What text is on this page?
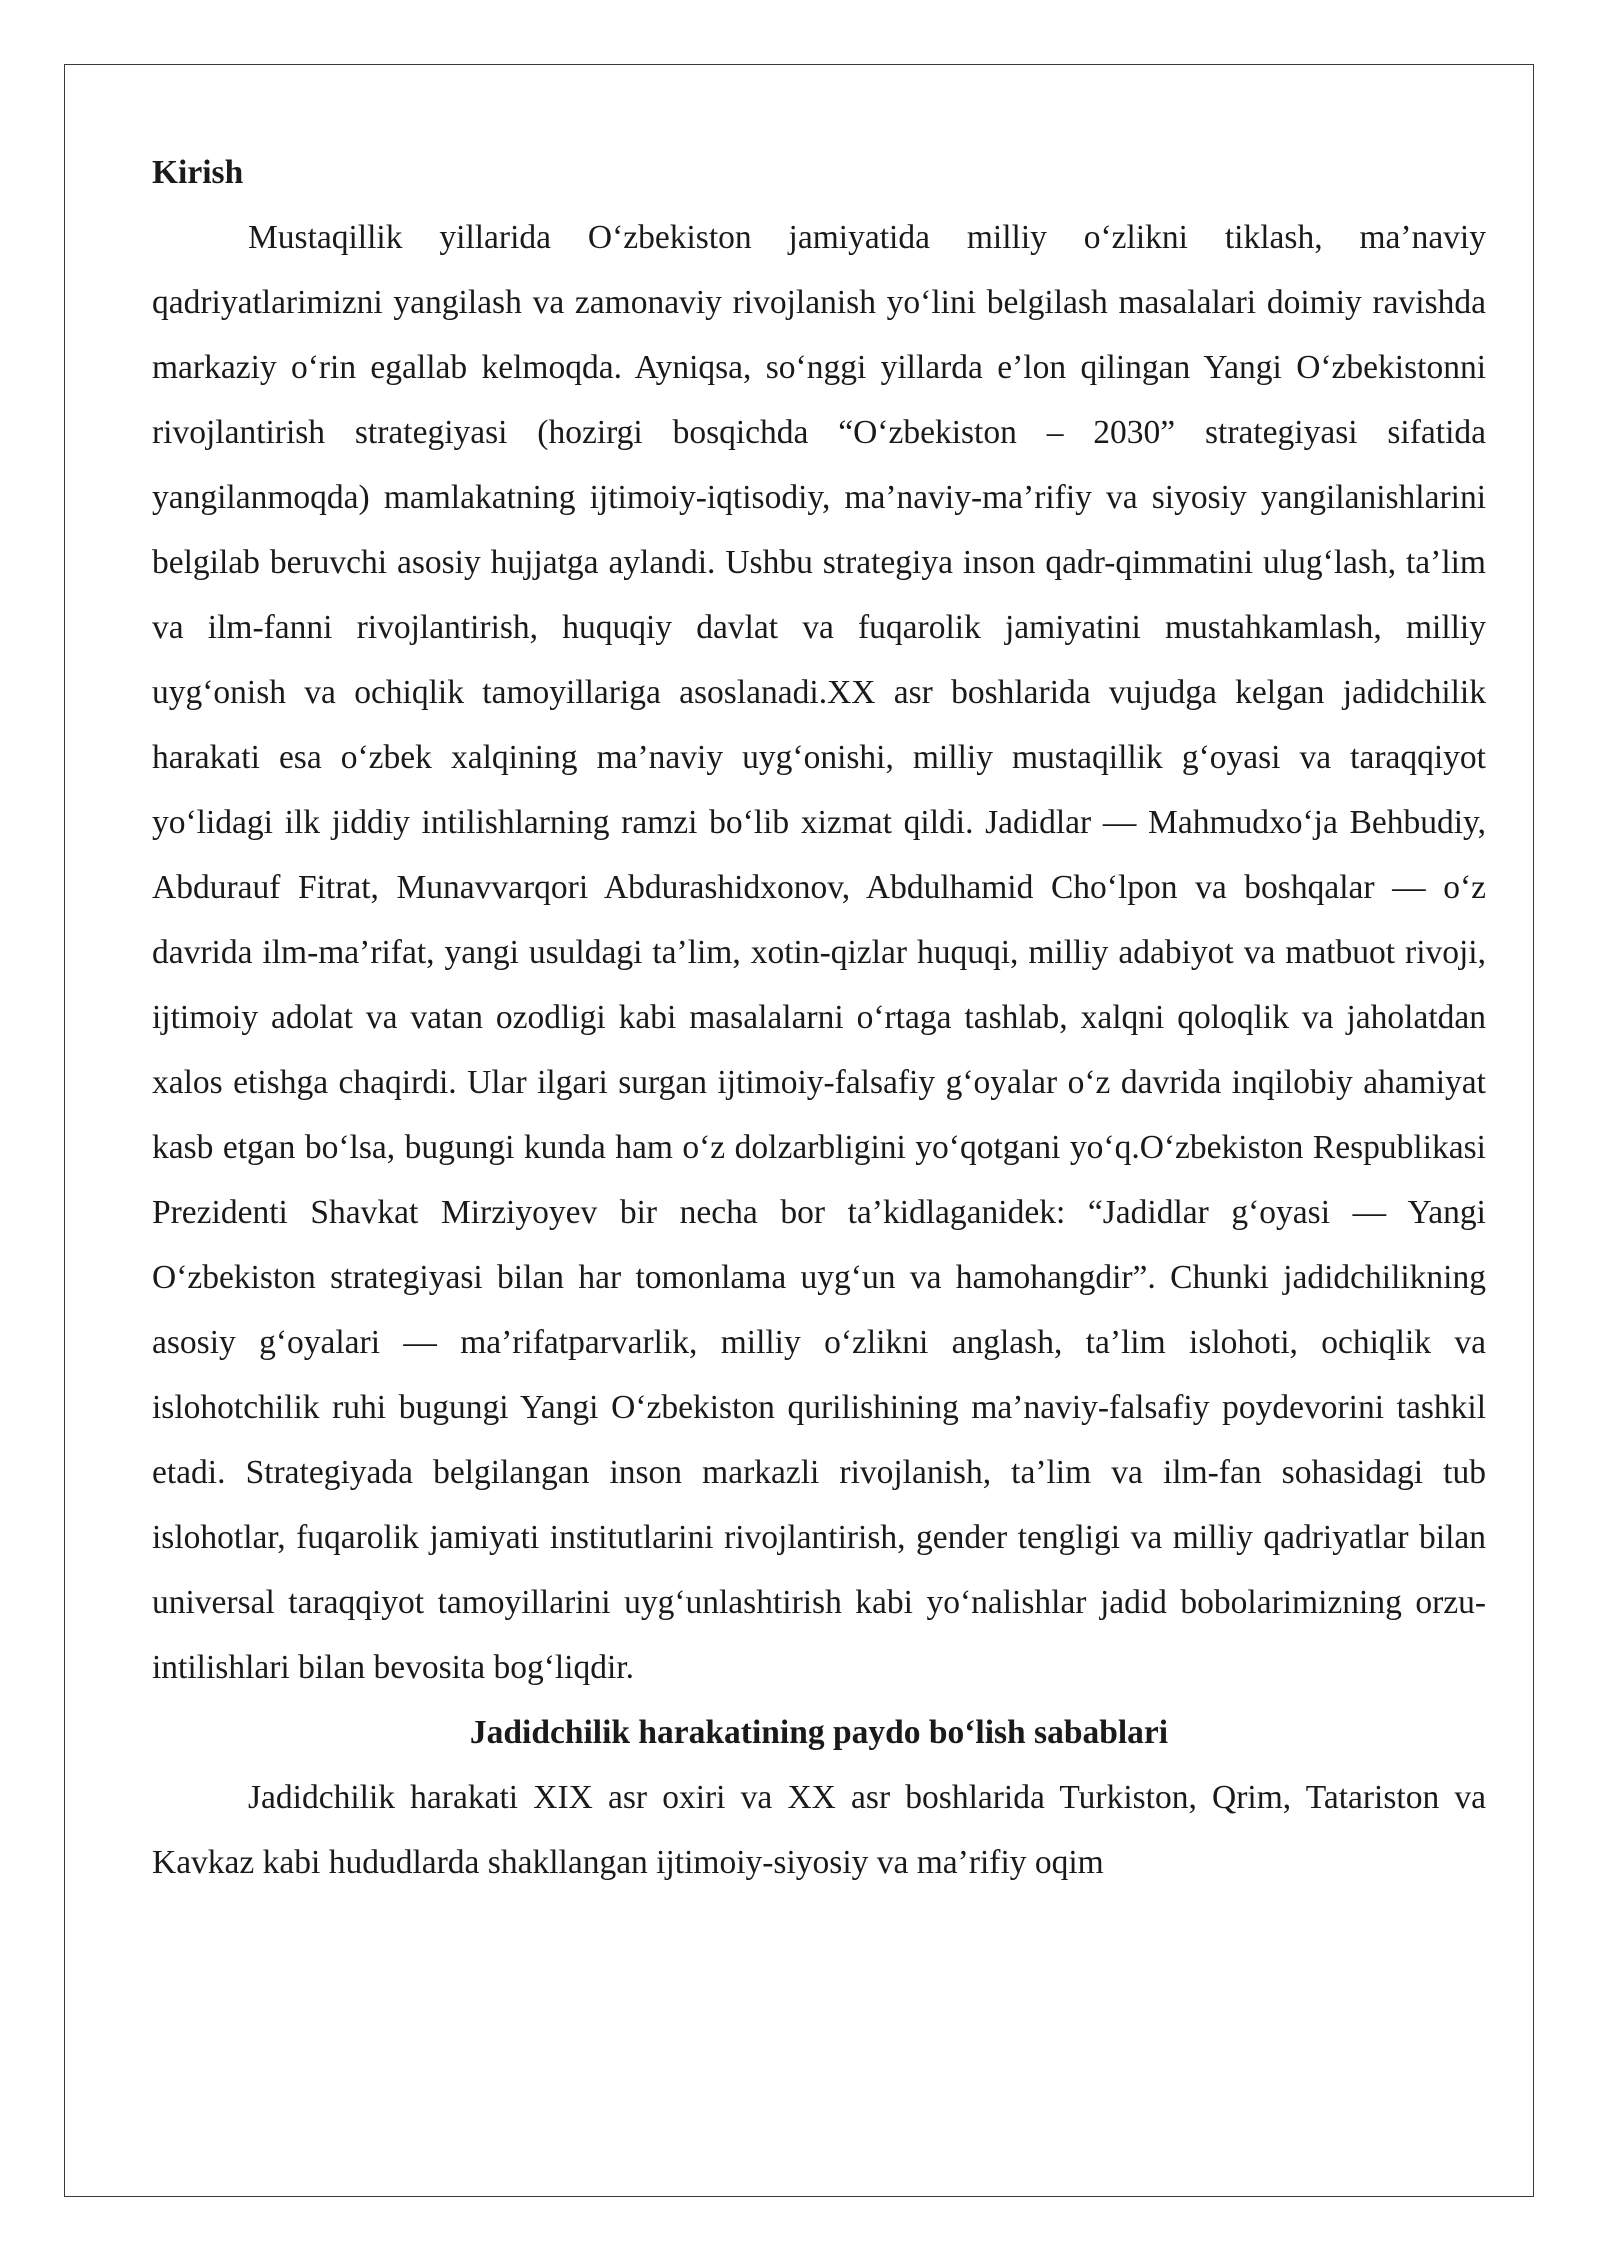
Kirish

Mustaqillik yillarida O‘zbekiston jamiyatida milliy o‘zlikni tiklash, ma’naviy qadriyatlarimizni yangilash va zamonaviy rivojlanish yo‘lini belgilash masalalari doimiy ravishda markaziy o‘rin egallab kelmoqda. Ayniqsa, so‘nggi yillarda e’lon qilingan Yangi O‘zbekistonni rivojlantirish strategiyasi (hozirgi bosqichda “O‘zbekiston – 2030” strategiyasi sifatida yangilanmoqda) mamlakatning ijtimoiy-iqtisodiy, ma’naviy-ma’rifiy va siyosiy yangilanishlarini belgilab beruvchi asosiy hujjatga aylandi. Ushbu strategiya inson qadr-qimmatini ulug‘lash, ta’lim va ilm-fanni rivojlantirish, huquqiy davlat va fuqarolik jamiyatini mustahkamlash, milliy uyg‘onish va ochiqlik tamoyillariga asoslanadi.XX asr boshlarida vujudga kelgan jadidchilik harakati esa o‘zbek xalqining ma’naviy uyg‘onishi, milliy mustaqillik g‘oyasi va taraqqiyot yo‘lidagi ilk jiddiy intilishlarning ramzi bo‘lib xizmat qildi. Jadidlar — Mahmudxo‘ja Behbudiy, Abdurauf Fitrat, Munavvarqori Abdurashidxonov, Abdulhamid Cho‘lpon va boshqalar — o‘z davrida ilm-ma’rifat, yangi usuldagi ta’lim, xotin-qizlar huquqi, milliy adabiyot va matbuot rivoji, ijtimoiy adolat va vatan ozodligi kabi masalalarni o‘rtaga tashlab, xalqni qoloqlik va jaholatdan xalos etishga chaqirdi. Ular ilgari surgan ijtimoiy-falsafiy g‘oyalar o‘z davrida inqilobiy ahamiyat kasb etgan bo‘lsa, bugungi kunda ham o‘z dolzarbligini yo‘qotgani yo‘q.O‘zbekiston Respublikasi Prezidenti Shavkat Mirziyoyev bir necha bor ta’kidlaganidek: “Jadidlar g‘oyasi — Yangi O‘zbekiston strategiyasi bilan har tomonlama uyg‘un va hamohangdir”. Chunki jadidchilikning asosiy g‘oyalari — ma’rifatparvarlik, milliy o‘zlikni anglash, ta’lim islohoti, ochiqlik va islohotchilik ruhi bugungi Yangi O‘zbekiston qurilishining ma’naviy-falsafiy poydevorini tashkil etadi. Strategiyada belgilangan inson markazli rivojlanish, ta’lim va ilm-fan sohasidagi tub islohotlar, fuqarolik jamiyati institutlarini rivojlantirish, gender tengligi va milliy qadriyatlar bilan universal taraqqiyot tamoyillarini uyg‘unlashtirish kabi yo‘nalishlar jadid bobolarimizning orzu-intilishlari bilan bevosita bog‘liqdir.

Jadidchilik harakatining paydo bo‘lish sabablari

Jadidchilik harakati XIX asr oxiri va XX asr boshlarida Turkiston, Qrim, Tatariston va Kavkaz kabi hududlarda shakllangan ijtimoiy-siyosiy va ma’rifiy oqim
